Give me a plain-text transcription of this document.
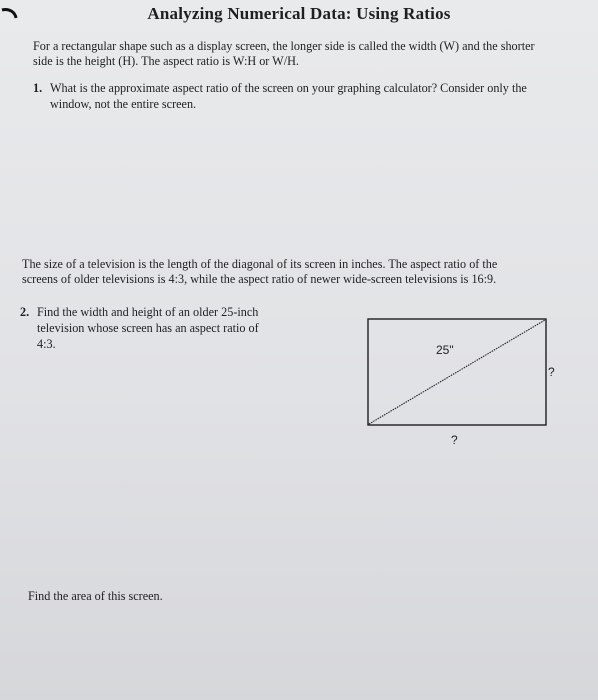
Analyzing Numerical Data: Using Ratios
For a rectangular shape such as a display screen, the longer side is called the width (W) and the shorter
side is the height (H). The aspect ratio is W:H or W/H.
1. What is the approximate aspect ratio of the screen on your graphing calculator? Consider only the
window, not the entire screen.
The size of a television is the length of the diagonal of its screen in inches. The aspect ratio of the
screens of older televisions is 4:3, while the aspect ratio of newer wide-screen televisions is 16:9.
2. Find the width and height of an older 25-inch
television whose screen has an aspect ratio of
4:3.	25"
?
?
Find the area of this screen.
